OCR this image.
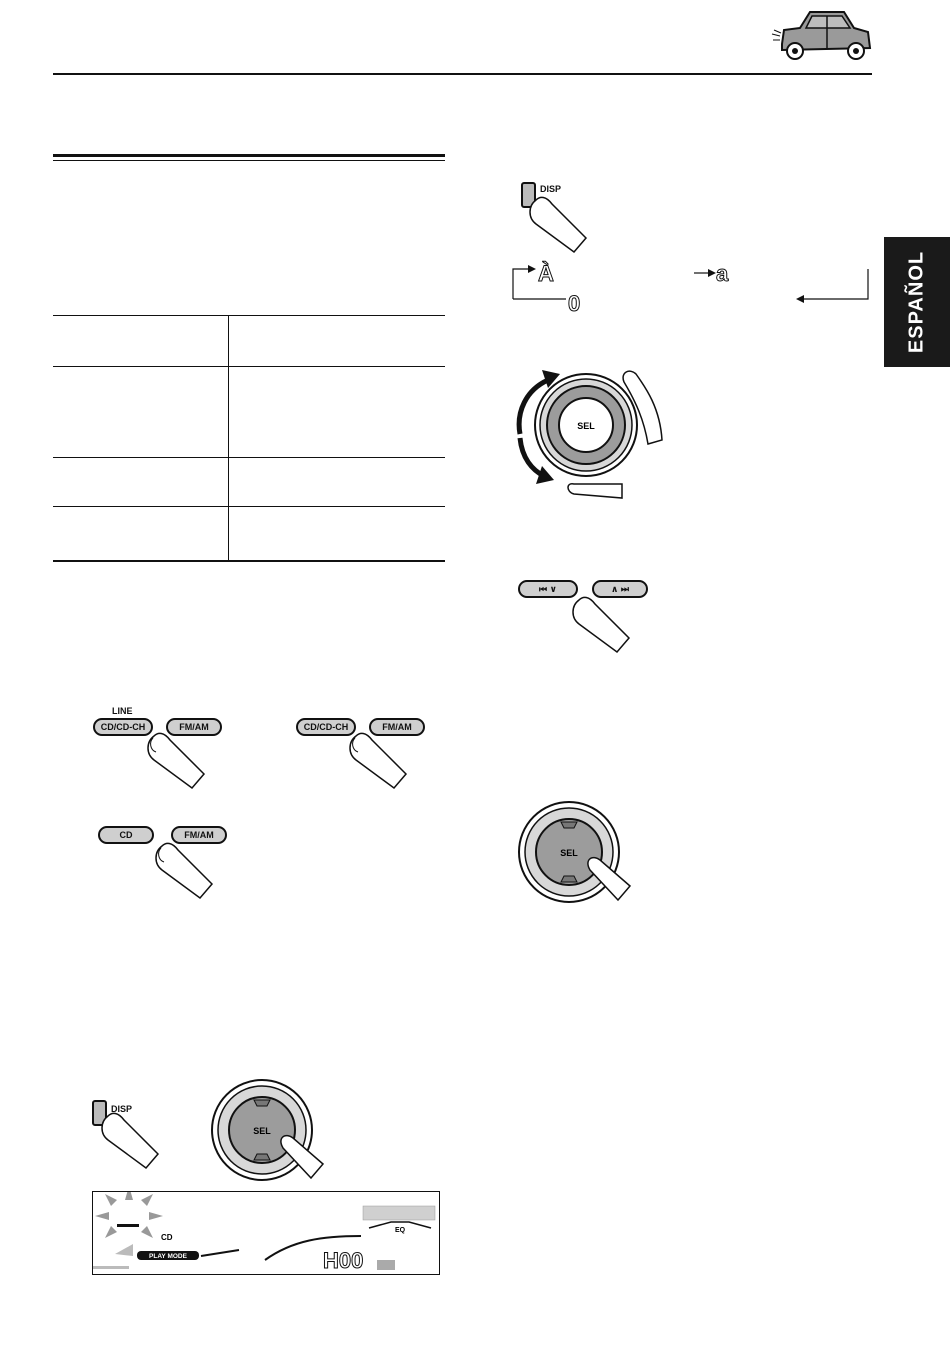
ESPAÑOL
LINE
CD/CD-CH	FM/AM	CD/CD-CH	FM/AM
CD	FM/AM
DISP
SEL
CD
PLAY MODE	H00
EQ
DISP
À	a
0
SEL
⏮ ∨	∧ ⏭
SEL
